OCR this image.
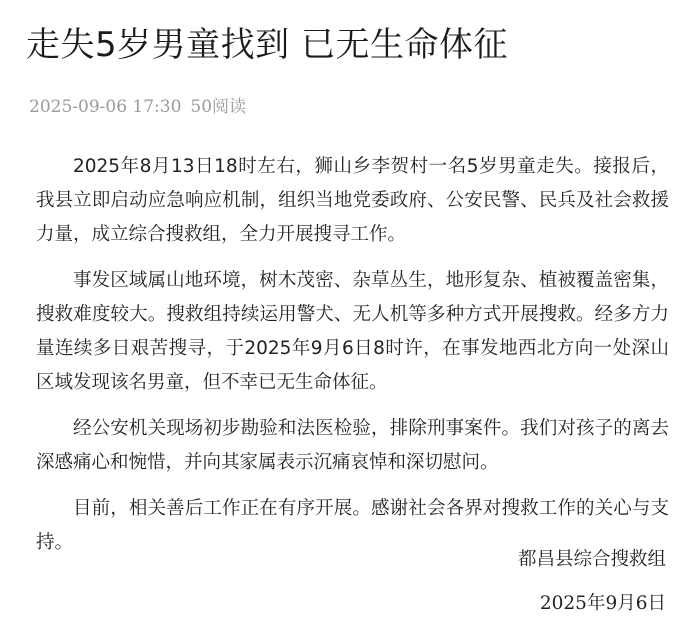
走失5岁男童找到 已无生命体征
2025-09-06 17:30 50阅读

2025年8月13日18时左右，狮山乡李贺村一名5岁男童走失。接报后，我县立即启动应急响应机制，组织当地党委政府、公安民警、民兵及社会救援力量，成立综合搜救组，全力开展搜寻工作。

事发区域属山地环境，树木茂密、杂草丛生，地形复杂、植被覆盖密集，搜救难度较大。搜救组持续运用警犬、无人机等多种方式开展搜救。经多方力量连续多日艰苦搜寻，于2025年9月6日8时许，在事发地西北方向一处深山区域发现该名男童，但不幸已无生命体征。

经公安机关现场初步勘验和法医检验，排除刑事案件。我们对孩子的离去深感痛心和惋惜，并向其家属表示沉痛哀悼和深切慰问。

目前，相关善后工作正在有序开展。感谢社会各界对搜救工作的关心与支持。

都昌县综合搜救组
2025年9月6日
